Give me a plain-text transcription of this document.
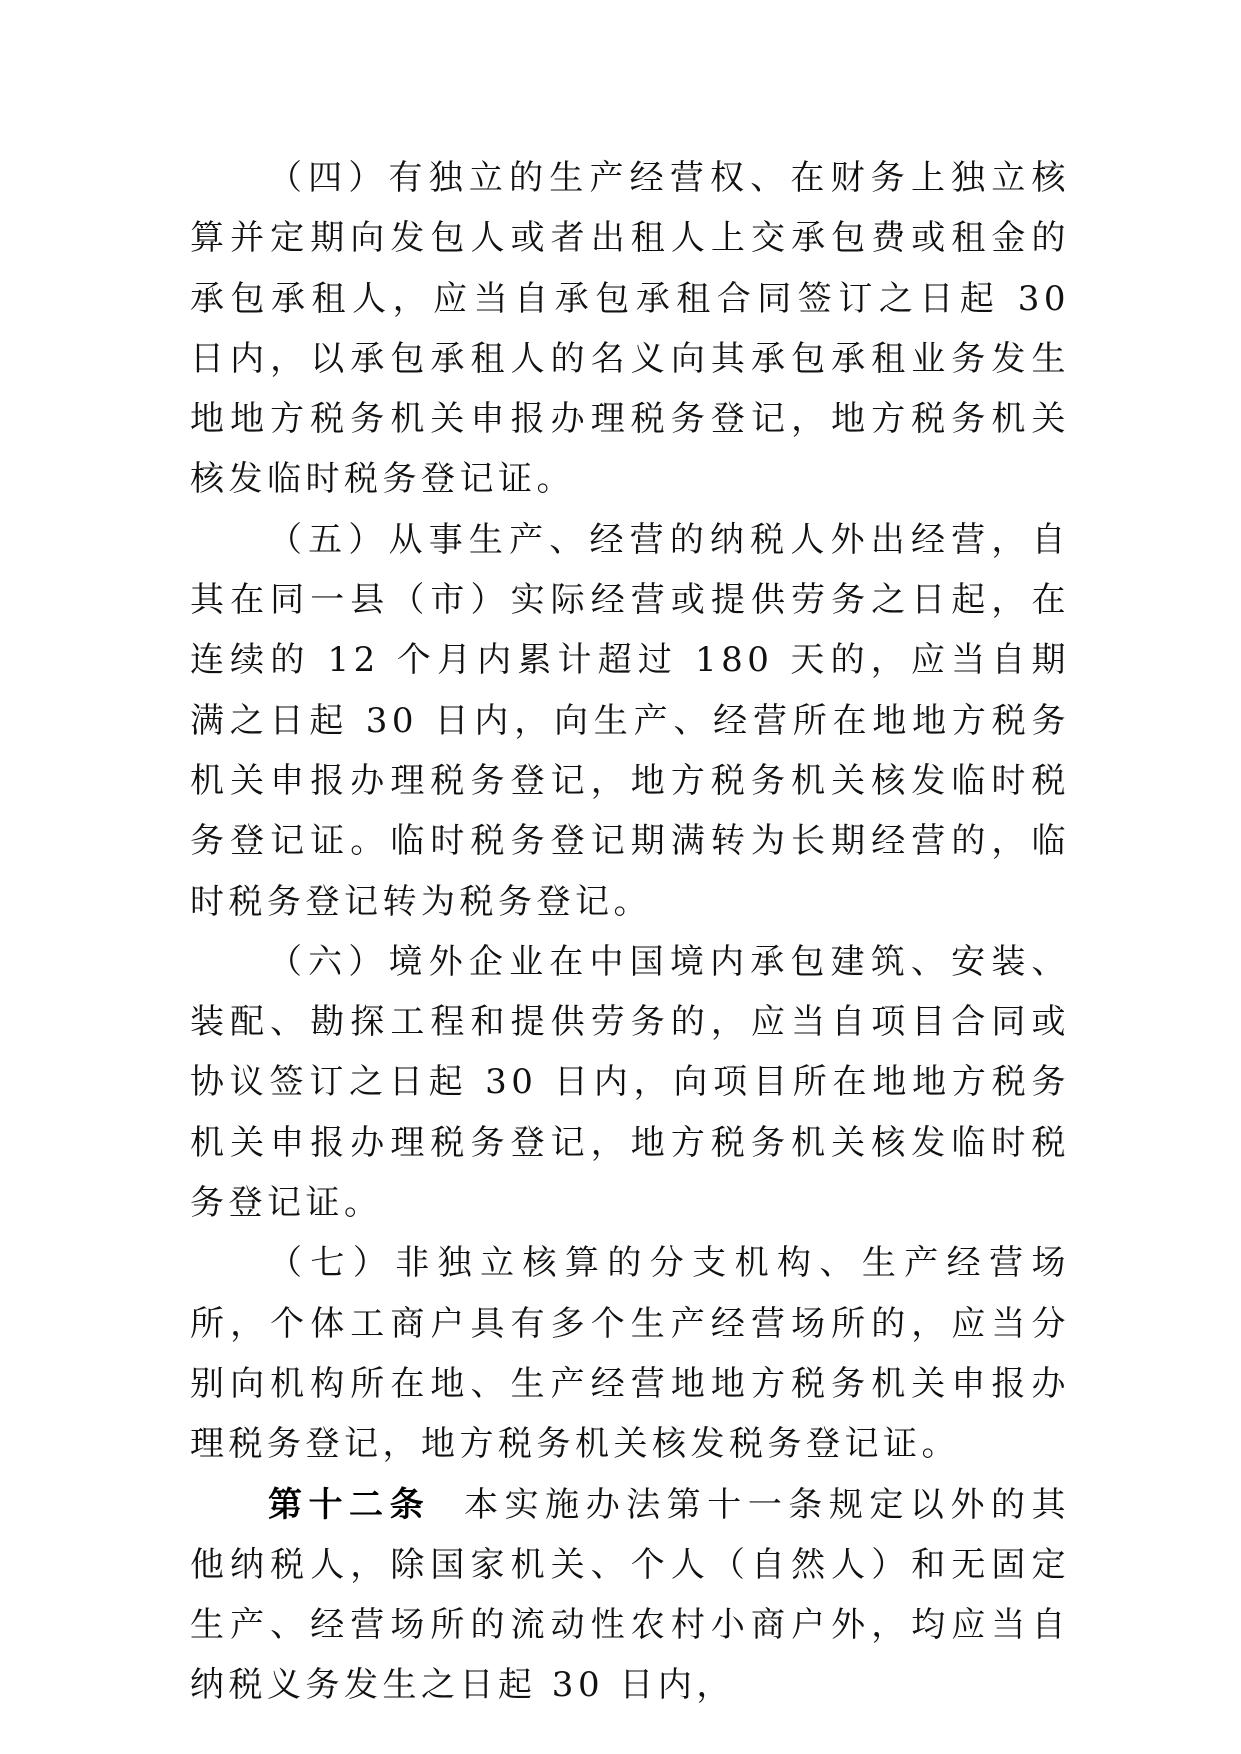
（四）有独立的生产经营权、在财务上独立核算并定期向发包人或者出租人上交承包费或租金的承包承租人，应当自承包承租合同签订之日起 30 日内，以承包承租人的名义向其承包承租业务发生地地方税务机关申报办理税务登记，地方税务机关核发临时税务登记证。

（五）从事生产、经营的纳税人外出经营，自其在同一县（市）实际经营或提供劳务之日起，在连续的 12 个月内累计超过 180 天的，应当自期满之日起 30 日内，向生产、经营所在地地方税务机关申报办理税务登记，地方税务机关核发临时税务登记证。临时税务登记期满转为长期经营的，临时税务登记转为税务登记。

（六）境外企业在中国境内承包建筑、安装、装配、勘探工程和提供劳务的，应当自项目合同或协议签订之日起 30 日内，向项目所在地地方税务机关申报办理税务登记，地方税务机关核发临时税务登记证。

（七）非独立核算的分支机构、生产经营场所，个体工商户具有多个生产经营场所的，应当分别向机构所在地、生产经营地地方税务机关申报办理税务登记，地方税务机关核发税务登记证。

第十二条 本实施办法第十一条规定以外的其他纳税人，除国家机关、个人（自然人）和无固定生产、经营场所的流动性农村小商户外，均应当自纳税义务发生之日起 30 日内，
